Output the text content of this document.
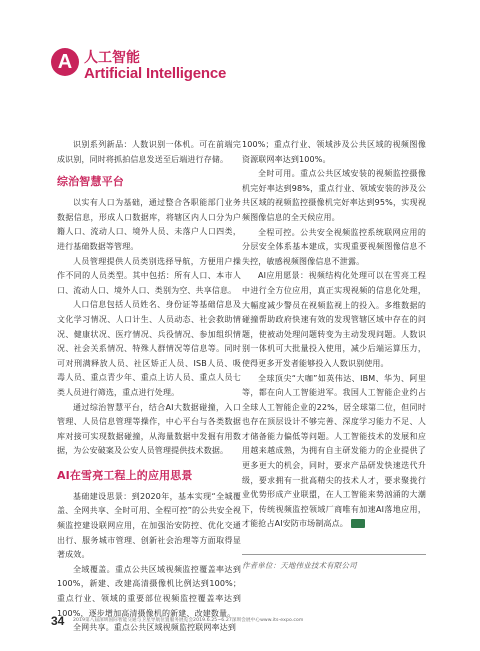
A 人工智能
Artificial Intelligence

识别系列新品：人数识别一体机。可在前端完成识别，同时将抓拍信息发送至后端进行存储。

综治智慧平台

以实有人口为基础，通过整合各职能部门业务数据信息，形成人口数据库，将辖区内人口分为户籍人口、流动人口、境外人员、未落户人口四类，进行基础数据等管理。

人员管理提供人员类别选择导航，方便用户操作不同的人员类型。其中包括：所有人口、本市人口、流动人口、境外人口、类别为空、共享信息。

人口信息包括人员姓名、身份证等基础信息及文化学习情况、人口计生、人员动态、社会救助情况、健康状况、医疗情况、兵役情况、参加组织情况、社会关系情况、特殊人群情况等信息等。同时可对刑满释放人员、社区矫正人员、ISB人员、吸毒人员、重点青少年、重点上访人员、重点人员七类人员进行筛选，重点进行处理。

通过综治智慧平台，结合AI大数据碰撞，入口管理、人员信息管理等操作，中心平台与各类数据库对接可实现数据碰撞，从海量数据中发掘有用数据，为公安破案及公安人员管理提供技术数据。

AI在雪亮工程上的应用思景

基础建设思景：到2020年，基本实现“全城覆盖、全网共享、全时可用、全程可控”的公共安全视频监控建设联网应用，在加强治安防控、优化交通出行、服务城市管理、创新社会治理等方面取得显著成效。

全域覆盖。重点公共区域视频监控覆盖率达到100%，新建、改建高清摄像机比例达到100%；重点行业、领域的重要部位视频监控覆盖率达到100%，逐步增加高清摄像机的新建、改建数量。

全网共享。重点公共区域视频监控联网率达到

100%；重点行业、领域涉及公共区域的视频图像资源联网率达到100%。

全时可用。重点公共区域安装的视频监控摄像机完好率达到98%，重点行业、领域安装的涉及公共区域的视频监控摄像机完好率达到95%，实现视频图像信息的全天候应用。

全程可控。公共安全视频监控系统联网应用的分层安全体系基本建成，实现重要视频图像信息不失控，敏感视频图像信息不泄露。

AI应用愿景：视频结构化处理可以在雪亮工程中进行全方位应用，真正实现视频的信息化处理，大幅度减少警员在视频监视上的投入。多维数据的碰撞帮助政府快速有效的发现管辖区域中存在的问题，使被动处理问题转变为主动发现问题。人数识别一体机可大批量投入使用，减少后端运算压力，使得更多开发者能够投入人数识别使用。

全球顶尖“大咖”如英伟达、IBM、华为、阿里等，都在向人工智能进军。我国人工智能企业约占全球人工智能企业的22%，居全球第二位，但同时也存在顶层设计不够完善、深度学习能力不足、人才储备能力偏低等问题。人工智能技术的发展和应用越来越成熟，为拥有自主研发能力的企业提供了更多更大的机会，同时，要求产品研发快速迭代升级，要求拥有一批高精尖的技术人才，要求聚拢行业优势形成产业联盟，在人工智能来势汹涌的大潮下，传统视频监控领域厂商唯有加速AI落地应用，才能抢占AI安防市场制高点。

作者单位：天地伟业技术有限公司
34 2019第八届深圳国际智能交通与卫星导航位置服务展览会2019.6.25~6.27深圳会展中心www.its-expo.com
